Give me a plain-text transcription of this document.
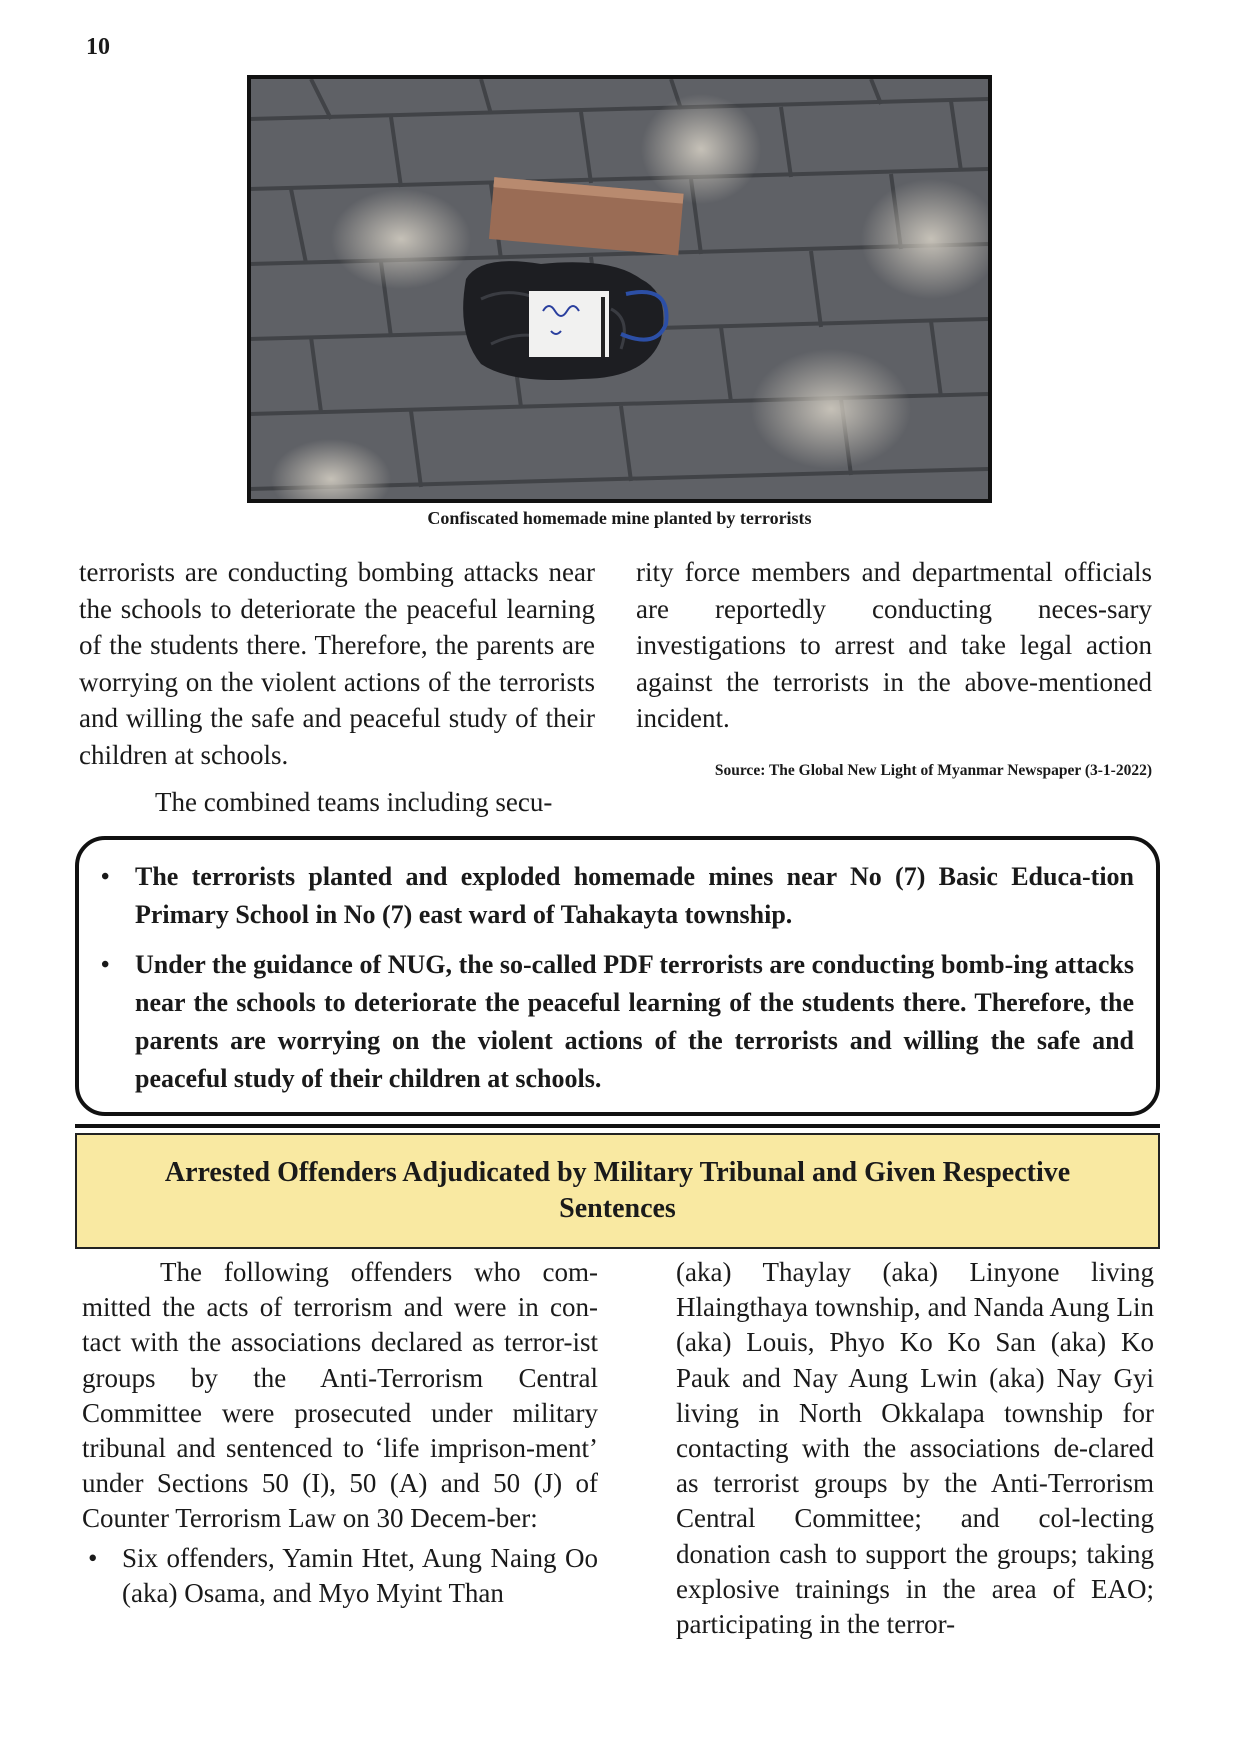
10
Confiscated homemade mine planted by terrorists

terrorists are conducting bombing attacks near the schools to deteriorate the peaceful learning of the students there. Therefore, the parents are worrying on the violent actions of the terrorists and willing the safe and peaceful study of their children at schools.

The combined teams including secu-

rity force members and departmental officials are reportedly conducting neces-sary investigations to arrest and take legal action against the terrorists in the above-mentioned incident.

Source: The Global New Light of Myanmar Newspaper (3-1-2022)

• The terrorists planted and exploded homemade mines near No (7) Basic Educa-tion Primary School in No (7) east ward of Tahakayta township.
• Under the guidance of NUG, the so-called PDF terrorists are conducting bomb-ing attacks near the schools to deteriorate the peaceful learning of the students there. Therefore, the parents are worrying on the violent actions of the terrorists and willing the safe and peaceful study of their children at schools.
Arrested Offenders Adjudicated by Military Tribunal and Given Respective Sentences

The following offenders who com-mitted the acts of terrorism and were in con-tact with the associations declared as terror-ist groups by the Anti-Terrorism Central Committee were prosecuted under military tribunal and sentenced to ‘life imprison-ment’ under Sections 50 (I), 50 (A) and 50 (J) of Counter Terrorism Law on 30 Decem-ber:

• Six offenders, Yamin Htet, Aung Naing Oo (aka) Osama, and Myo Myint Than

(aka) Thaylay (aka) Linyone living Hlaingthaya township, and Nanda Aung Lin (aka) Louis, Phyo Ko Ko San (aka) Ko Pauk and Nay Aung Lwin (aka) Nay Gyi living in North Okkalapa township for contacting with the associations de-clared as terrorist groups by the Anti-Terrorism Central Committee; and col-lecting donation cash to support the groups; taking explosive trainings in the area of EAO; participating in the terror-
